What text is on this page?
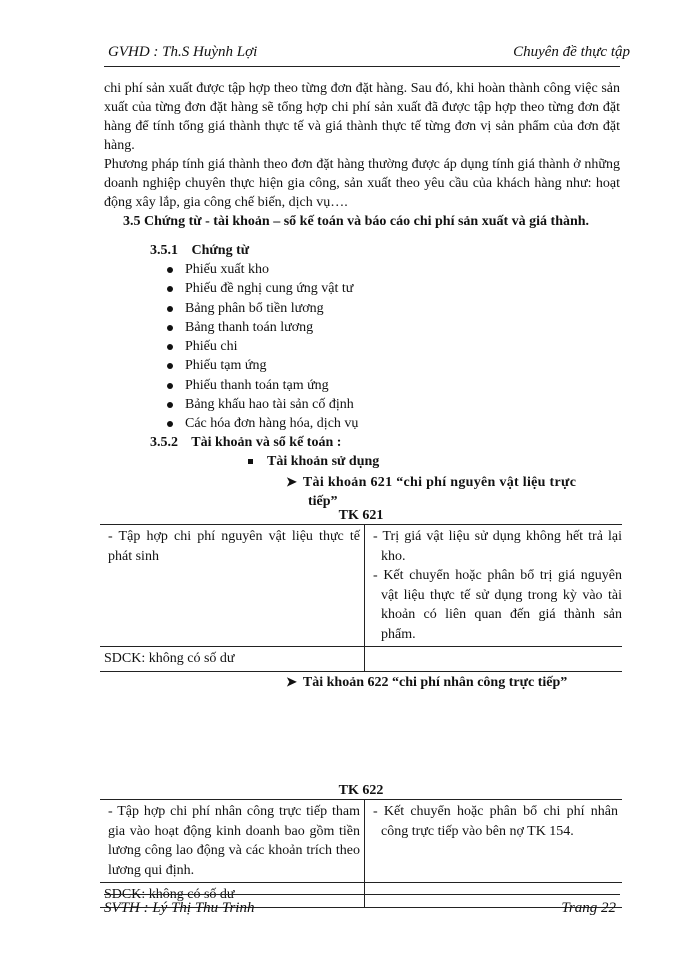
GVHD : Th.S Huỳnh Lợi	Chuyên đề thực tập
chi phí sản xuất được tập hợp theo từng đơn đặt hàng. Sau đó, khi hoàn thành công việc sản xuất của từng đơn đặt hàng sẽ tổng hợp chi phí sản xuất đã được tập hợp theo từng đơn đặt hàng để tính tổng giá thành thực tế và giá thành thực tế từng đơn vị sản phẩm của đơn đặt hàng.
Phương pháp tính giá thành theo đơn đặt hàng thường được áp dụng tính giá thành ở những doanh nghiệp chuyên thực hiện gia công, sản xuất theo yêu cầu của khách hàng như: hoạt động xây lắp, gia công chế biến, dịch vụ….
3.5 Chứng từ - tài khoản – sổ kế toán và báo cáo chi phí sản xuất và giá thành.
3.5.1 Chứng từ
Phiếu xuất kho
Phiếu đề nghị cung ứng vật tư
Bảng phân bổ tiền lương
Bảng thanh toán lương
Phiếu chi
Phiếu tạm ứng
Phiếu thanh toán tạm ứng
Bảng khấu hao tài sản cố định
Các hóa đơn hàng hóa, dịch vụ
3.5.2 Tài khoản và sổ kế toán :
Tài khoản sử dụng
➤ Tài khoản 621 “chi phí nguyên vật liệu trực
tiếp”
TK 621
- Tập hợp chi phí nguyên vật liệu thực tế phát sinh	- Trị giá vật liệu sử dụng không hết trả lại kho.
- Kết chuyển hoặc phân bổ trị giá nguyên vật liệu thực tế sử dụng trong kỳ vào tài khoản có liên quan đến giá thành sản phẩm.

SDCK: không có số dư	
➤ Tài khoản 622 “chi phí nhân công trực tiếp”
TK 622
- Tập hợp chi phí nhân công trực tiếp tham gia vào hoạt động kinh doanh bao gồm tiền lương công lao động và các khoản trích theo lương qui định.	- Kết chuyển hoặc phân bổ chi phí nhân công trực tiếp vào bên nợ TK 154.

SDCK: không có số dư	
SVTH : Lý Thị Thu Trinh	Trang 22
